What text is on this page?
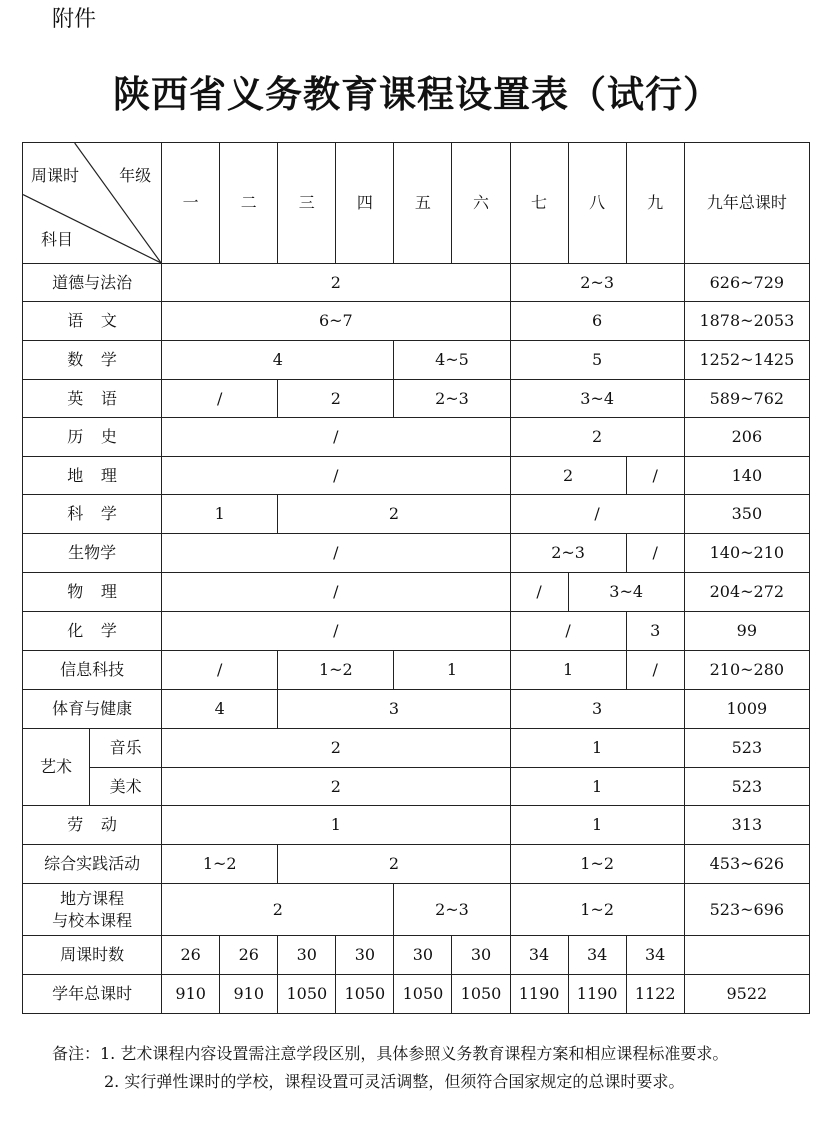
附件
陕西省义务教育课程设置表（试行）
周课时 年级
科目		一	二	三	四	五	六	七	八	九	九年总课时
道德与法治		2						2~3			626~729
语文		6~7						6			1878~2053
数学		4				4~5		5			1252~1425
英语		/		2		2~3		3~4			589~762
历史		/						2			206
地理		/						2		/	140
科学		1		2				/			350
生物学		/						2~3		/	140~210
物理		/						/	3~4		204~272
化学		/						/		3	99
信息科技		/		1~2		1		1		/	210~280
体育与健康		4		3				3			1009
艺术	音乐	2						1			523
	美术	2						1			523
劳动		1						1			313
综合实践活动		1~2		2				1~2			453~626

地方课程
与校本课程		2				2~3		1~2			523~696
周课时数		26	26	30	30	30	30	34	34	34	
学年总课时		910	910	1050	1050	1050	1050	1190	1190	1122	9522
备注：1. 艺术课程内容设置需注意学段区别，具体参照义务教育课程方案和相应课程标准要求。
2. 实行弹性课时的学校，课程设置可灵活调整，但须符合国家规定的总课时要求。
